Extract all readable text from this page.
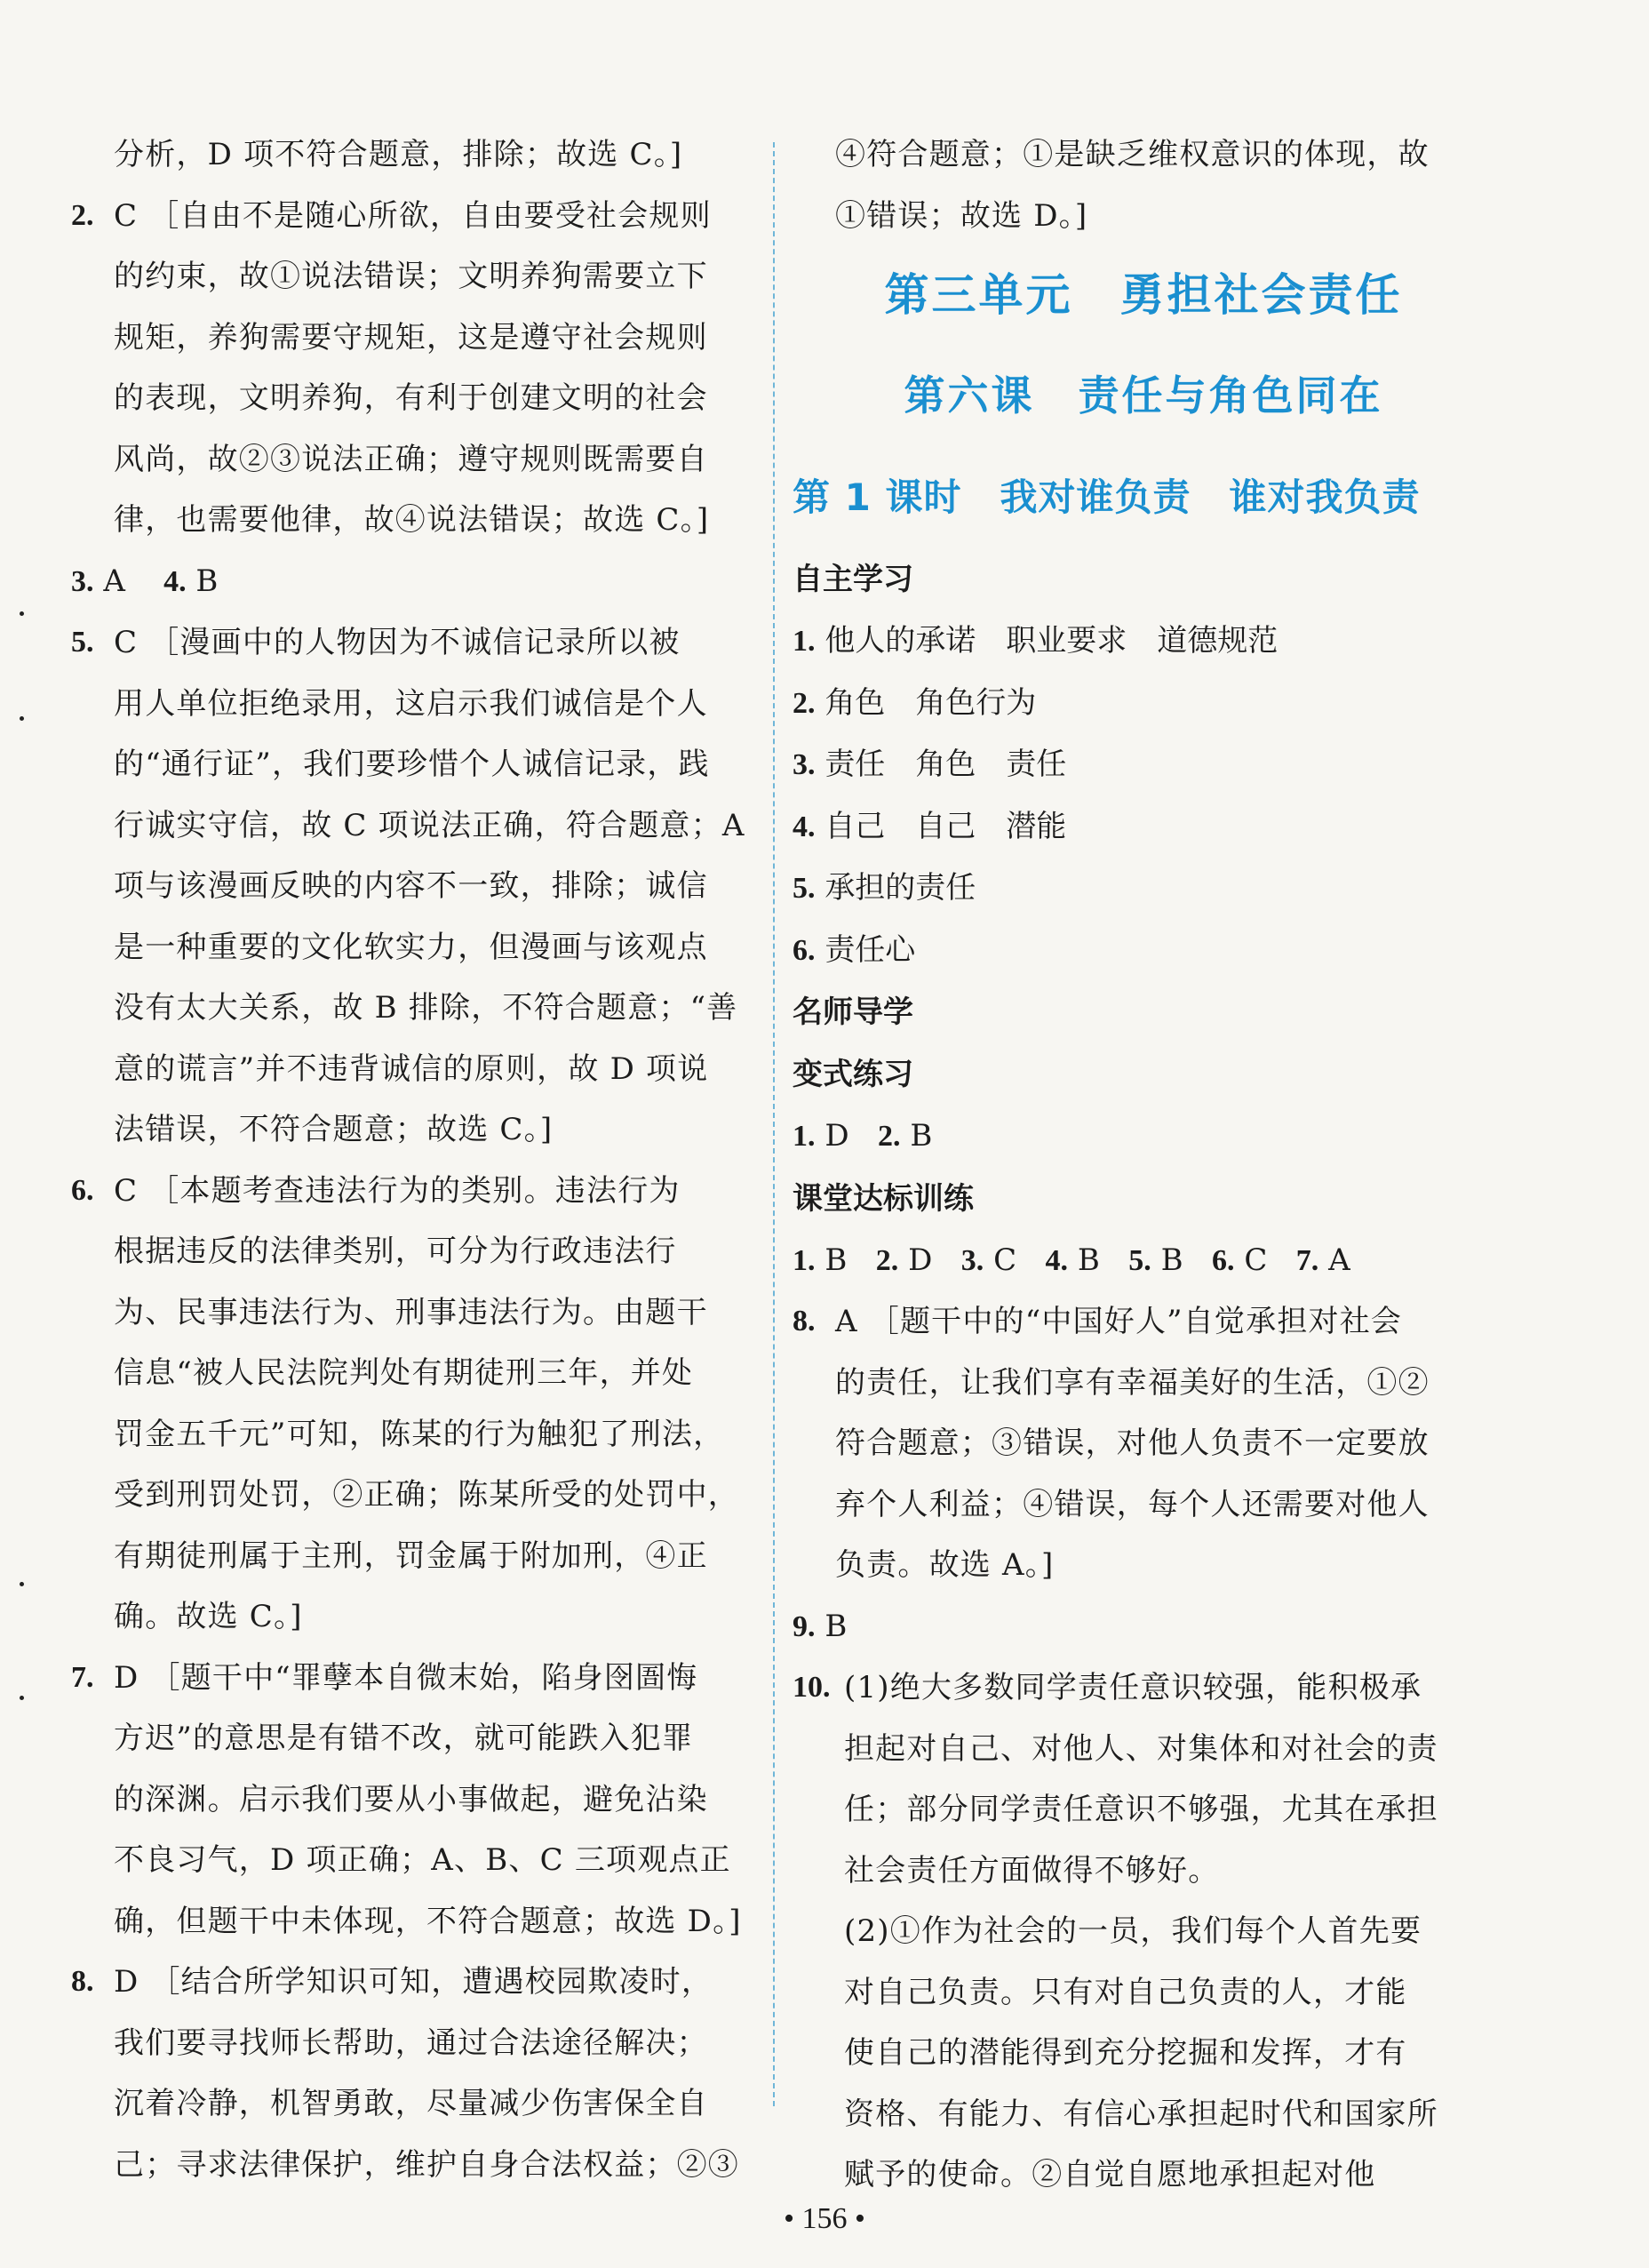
分析，D 项不符合题意，排除；故选 C。]
2. C ［自由不是随心所欲，自由要受社会规则
的约束，故①说法错误；文明养狗需要立下
规矩，养狗需要守规矩，这是遵守社会规则
的表现，文明养狗，有利于创建文明的社会
风尚，故②③说法正确；遵守规则既需要自
律，也需要他律，故④说法错误；故选 C。]
3. A 4. B
5. C ［漫画中的人物因为不诚信记录所以被
用人单位拒绝录用，这启示我们诚信是个人
的“通行证”，我们要珍惜个人诚信记录，践
行诚实守信，故 C 项说法正确，符合题意；A
项与该漫画反映的内容不一致，排除；诚信
是一种重要的文化软实力，但漫画与该观点
没有太大关系，故 B 排除，不符合题意；“善
意的谎言”并不违背诚信的原则，故 D 项说
法错误，不符合题意；故选 C。]
6. C ［本题考查违法行为的类别。违法行为
根据违反的法律类别，可分为行政违法行
为、民事违法行为、刑事违法行为。由题干
信息“被人民法院判处有期徒刑三年，并处
罚金五千元”可知，陈某的行为触犯了刑法，
受到刑罚处罚，②正确；陈某所受的处罚中，
有期徒刑属于主刑，罚金属于附加刑，④正
确。故选 C。]
7. D ［题干中“罪孽本自微末始，陷身囹圄悔
方迟”的意思是有错不改，就可能跌入犯罪
的深渊。启示我们要从小事做起，避免沾染
不良习气，D 项正确；A、B、C 三项观点正
确，但题干中未体现，不符合题意；故选 D。]
8. D ［结合所学知识可知，遭遇校园欺凌时，
我们要寻找师长帮助，通过合法途径解决；
沉着冷静，机智勇敢，尽量减少伤害保全自
己；寻求法律保护，维护自身合法权益；②③
④符合题意；①是缺乏维权意识的体现，故
①错误；故选 D。]
第三单元　勇担社会责任
第六课　责任与角色同在
第 1 课时　我对谁负责　谁对我负责
自主学习
1. 他人的承诺　职业要求　道德规范
2. 角色　角色行为
3. 责任　角色　责任
4. 自己　自己　潜能
5. 承担的责任
6. 责任心
名师导学
变式练习
1. D 2. B
课堂达标训练
1. B 2. D 3. C 4. B 5. B 6. C 7. A
8. A ［题干中的“中国好人”自觉承担对社会
的责任，让我们享有幸福美好的生活，①②
符合题意；③错误，对他人负责不一定要放
弃个人利益；④错误，每个人还需要对他人
负责。故选 A。]
9. B
10. (1)绝大多数同学责任意识较强，能积极承
担起对自己、对他人、对集体和对社会的责
任；部分同学责任意识不够强，尤其在承担
社会责任方面做得不够好。
(2)①作为社会的一员，我们每个人首先要
对自己负责。只有对自己负责的人，才能
使自己的潜能得到充分挖掘和发挥，才有
资格、有能力、有信心承担起时代和国家所
赋予的使命。②自觉自愿地承担起对他
• 156 •
